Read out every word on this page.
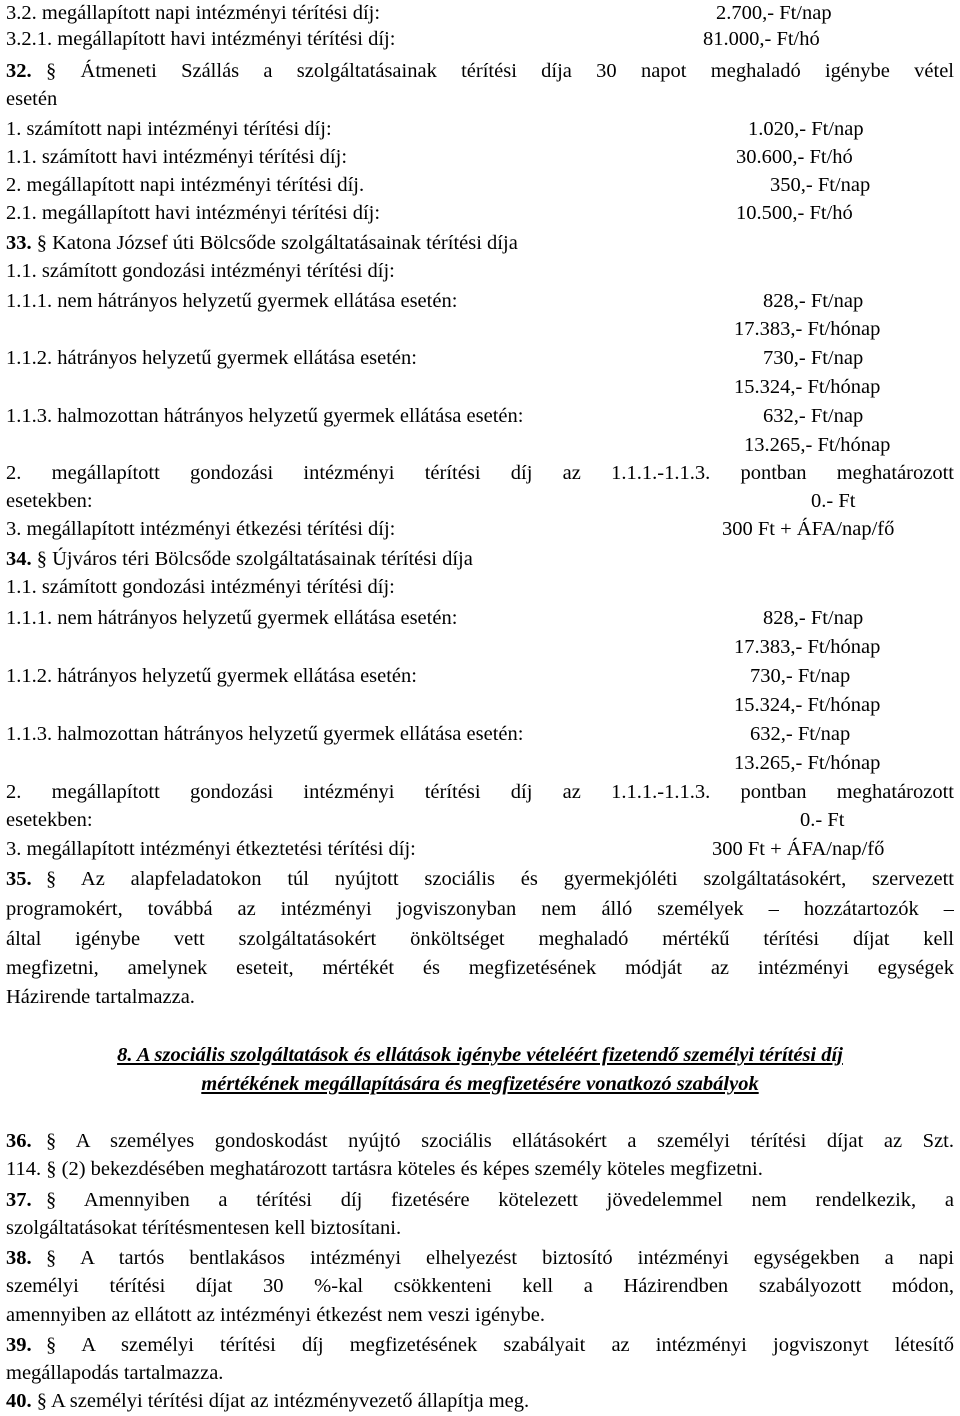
3.2. megállapított napi intézményi térítési díj:	2.700,- Ft/nap
3.2.1. megállapított havi intézményi térítési díj:	81.000,- Ft/hó
32. § Átmeneti Szállás a szolgáltatásainak térítési díja 30 napot meghaladó igénybe vétel
esetén
1. számított napi intézményi térítési díj:	1.020,- Ft/nap
1.1. számított havi intézményi térítési díj:	30.600,- Ft/hó
2. megállapított napi intézményi térítési díj.	350,- Ft/nap
2.1. megállapított havi intézményi térítési díj:	10.500,- Ft/hó
33. § Katona József úti Bölcsőde szolgáltatásainak térítési díja
1.1. számított gondozási intézményi térítési díj:
1.1.1. nem hátrányos helyzetű gyermek ellátása esetén:	828,- Ft/nap
17.383,- Ft/hónap
1.1.2. hátrányos helyzetű gyermek ellátása esetén:	730,- Ft/nap
15.324,- Ft/hónap
1.1.3. halmozottan hátrányos helyzetű gyermek ellátása esetén:	632,- Ft/nap
13.265,- Ft/hónap
2. megállapított gondozási intézményi térítési díj az 1.1.1.-1.1.3. pontban meghatározott
esetekben:	0.- Ft
3. megállapított intézményi étkezési térítési díj:	300 Ft + ÁFA/nap/fő
34. § Újváros téri Bölcsőde szolgáltatásainak térítési díja
1.1. számított gondozási intézményi térítési díj:
1.1.1. nem hátrányos helyzetű gyermek ellátása esetén:	828,- Ft/nap
17.383,- Ft/hónap
1.1.2. hátrányos helyzetű gyermek ellátása esetén:	730,- Ft/nap
15.324,- Ft/hónap
1.1.3. halmozottan hátrányos helyzetű gyermek ellátása esetén:	632,- Ft/nap
13.265,- Ft/hónap
2. megállapított gondozási intézményi térítési díj az 1.1.1.-1.1.3. pontban meghatározott
esetekben:	0.- Ft
3. megállapított intézményi étkeztetési térítési díj:	300 Ft + ÁFA/nap/fő
35. § Az alapfeladatokon túl nyújtott szociális és gyermekjóléti szolgáltatásokért, szervezett
programokért, továbbá az intézményi jogviszonyban nem álló személyek – hozzátartozók –
által igénybe vett szolgáltatásokért önköltséget meghaladó mértékű térítési díjat kell
megfizetni, amelynek eseteit, mértékét és megfizetésének módját az intézményi egységek
Házirende tartalmazza.
8. A szociális szolgáltatások és ellátások igénybe vételéért fizetendő személyi térítési díj
mértékének megállapítására és megfizetésére vonatkozó szabályok
36. § A személyes gondoskodást nyújtó szociális ellátásokért a személyi térítési díjat az Szt.
114. § (2) bekezdésében meghatározott tartásra köteles és képes személy köteles megfizetni.
37. § Amennyiben a térítési díj fizetésére kötelezett jövedelemmel nem rendelkezik, a
szolgáltatásokat térítésmentesen kell biztosítani.
38. § A tartós bentlakásos intézményi elhelyezést biztosító intézményi egységekben a napi
személyi térítési díjat 30 %-kal csökkenteni kell a Házirendben szabályozott módon,
amennyiben az ellátott az intézményi étkezést nem veszi igénybe.
39. § A személyi térítési díj megfizetésének szabályait az intézményi jogviszonyt létesítő
megállapodás tartalmazza.
40. § A személyi térítési díjat az intézményvezető állapítja meg.
